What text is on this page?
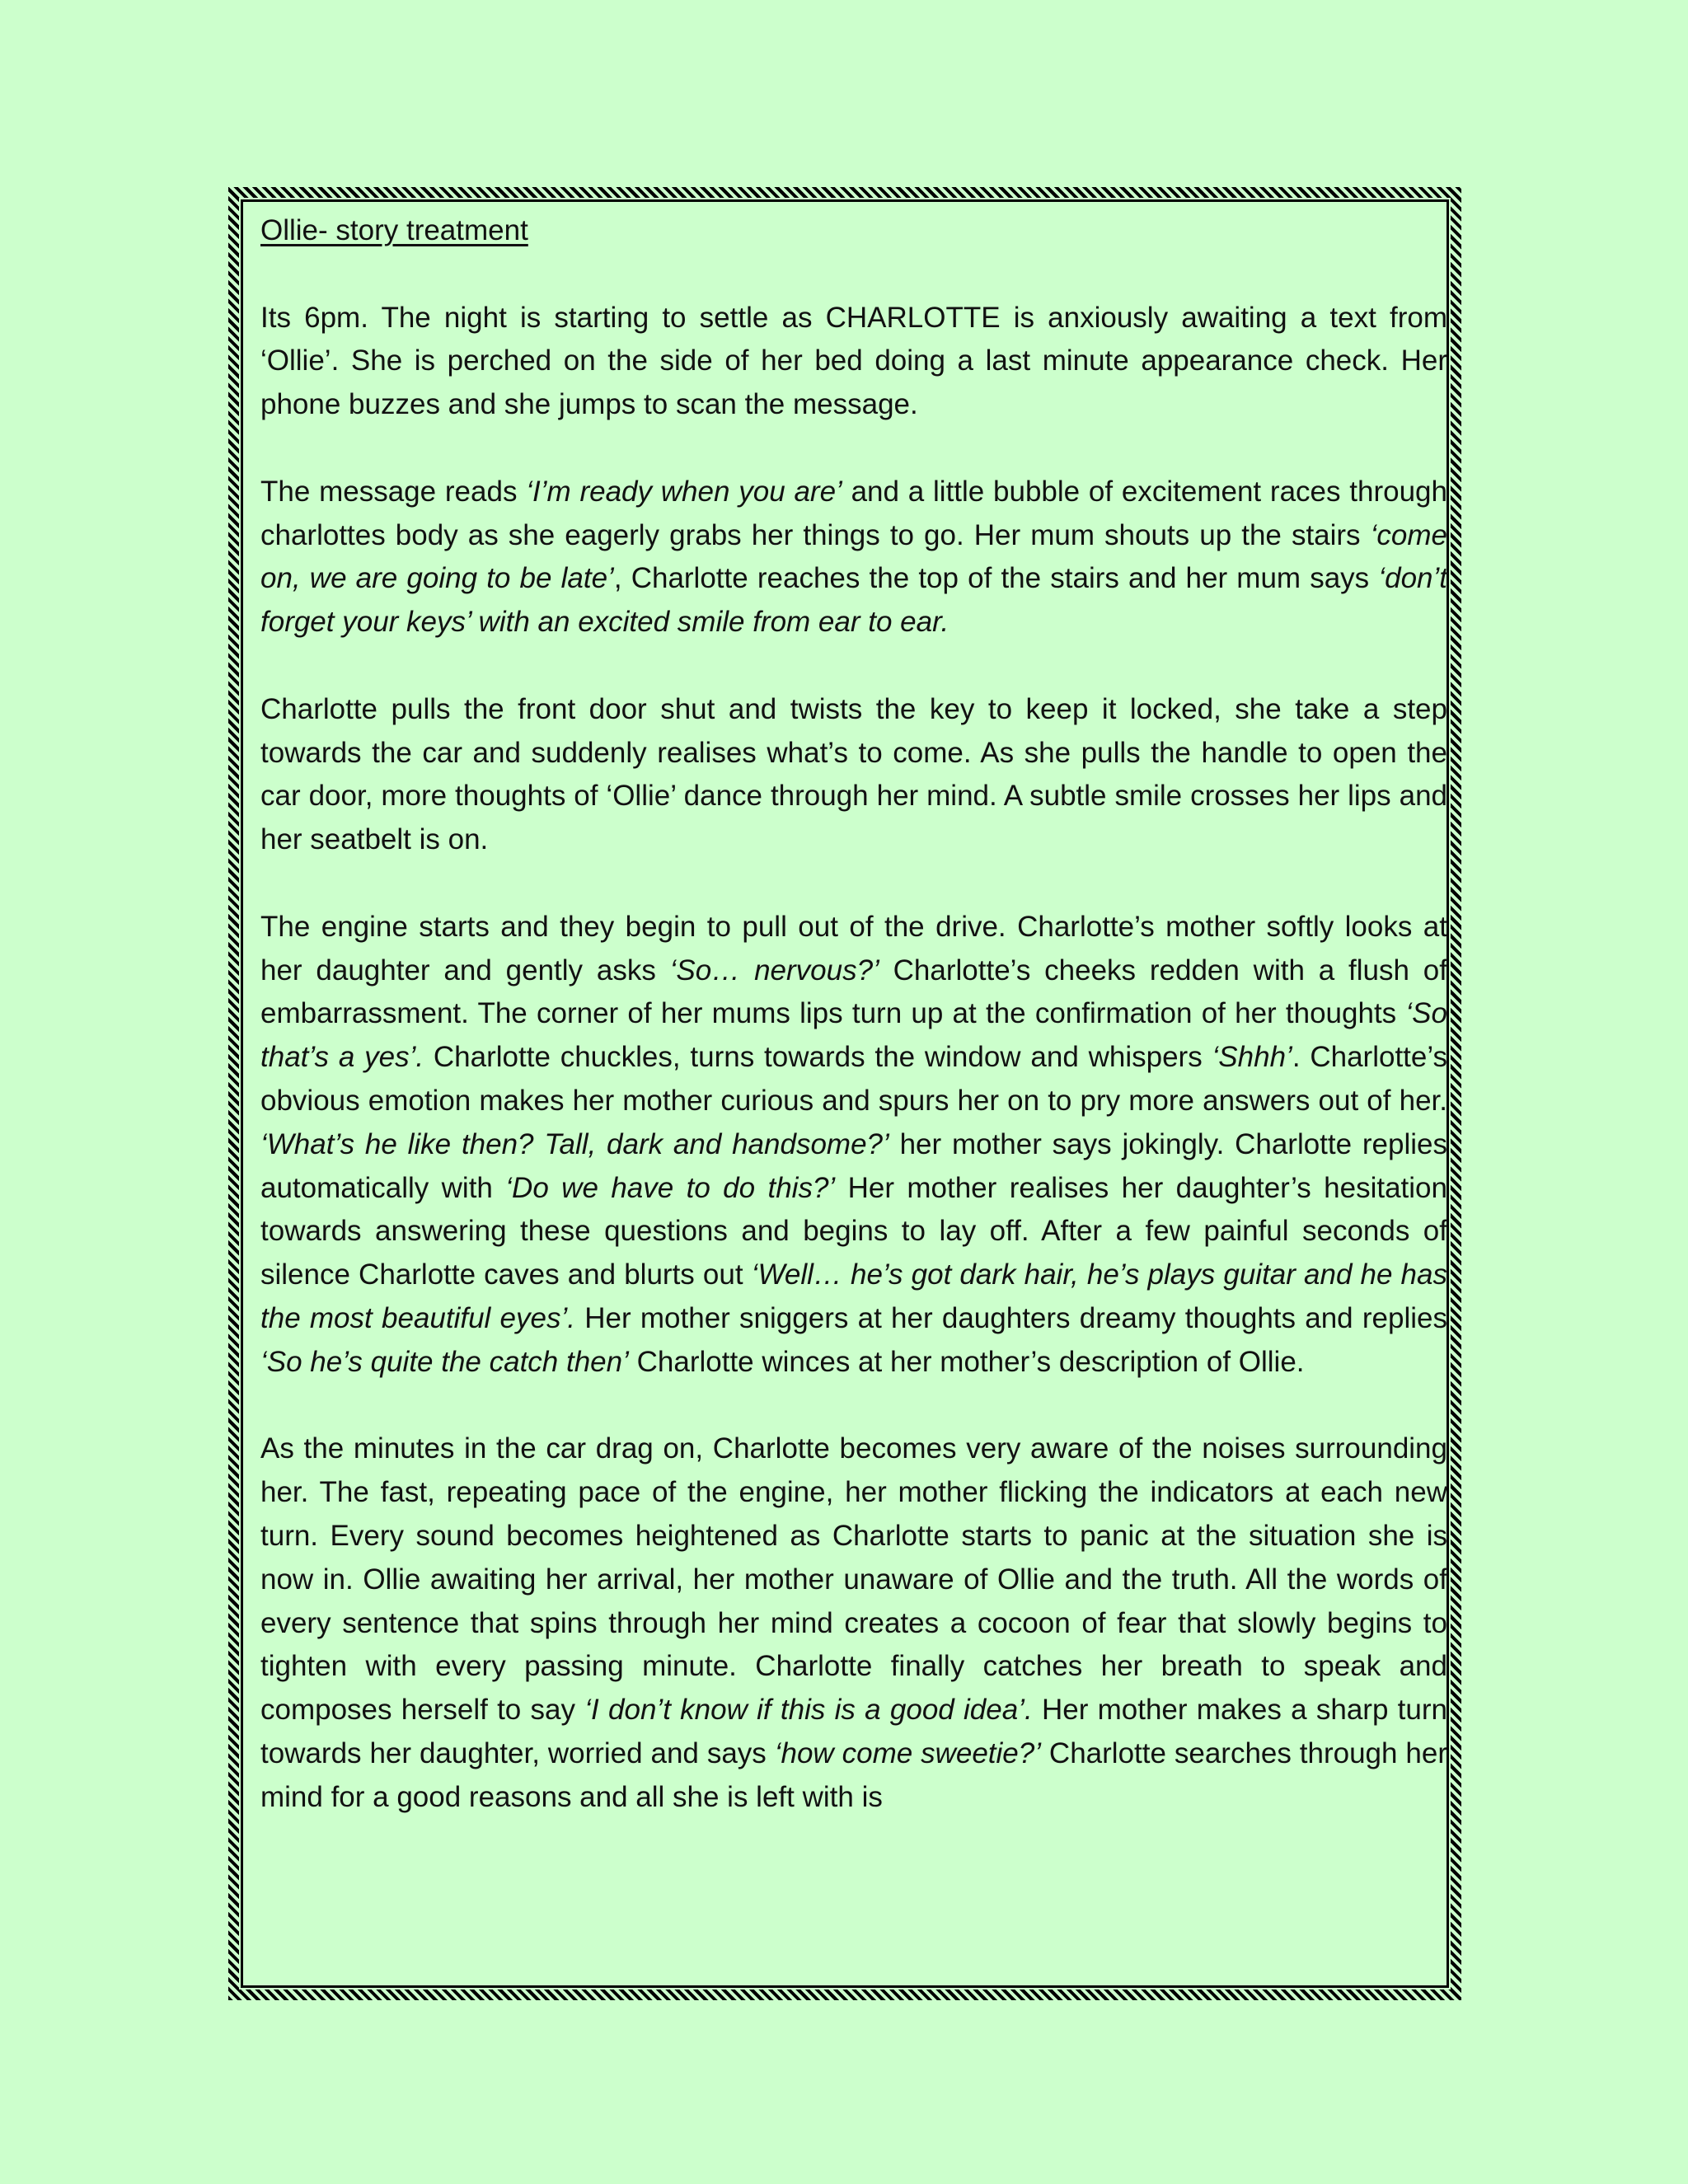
Ollie- story treatment

Its 6pm. The night is starting to settle as CHARLOTTE is anxiously awaiting a text from ‘Ollie’. She is perched on the side of her bed doing a last minute appearance check. Her phone buzzes and she jumps to scan the message.

The message reads ‘I’m ready when you are’ and a little bubble of excitement races through charlottes body as she eagerly grabs her things to go. Her mum shouts up the stairs ‘come on, we are going to be late’, Charlotte reaches the top of the stairs and her mum says ‘don’t forget your keys’ with an excited smile from ear to ear.

Charlotte pulls the front door shut and twists the key to keep it locked, she take a step towards the car and suddenly realises what’s to come. As she pulls the handle to open the car door, more thoughts of ‘Ollie’ dance through her mind. A subtle smile crosses her lips and her seatbelt is on.

The engine starts and they begin to pull out of the drive. Charlotte’s mother softly looks at her daughter and gently asks ‘So… nervous?’ Charlotte’s cheeks redden with a flush of embarrassment. The corner of her mums lips turn up at the confirmation of her thoughts ‘So that’s a yes’. Charlotte chuckles, turns towards the window and whispers ‘Shhh’. Charlotte’s obvious emotion makes her mother curious and spurs her on to pry more answers out of her. ‘What’s he like then? Tall, dark and handsome?’ her mother says jokingly. Charlotte replies automatically with ‘Do we have to do this?’ Her mother realises her daughter’s hesitation towards answering these questions and begins to lay off. After a few painful seconds of silence Charlotte caves and blurts out ‘Well… he’s got dark hair, he’s plays guitar and he has the most beautiful eyes’. Her mother sniggers at her daughters dreamy thoughts and replies ‘So he’s quite the catch then’ Charlotte winces at her mother’s description of Ollie.

As the minutes in the car drag on, Charlotte becomes very aware of the noises surrounding her. The fast, repeating pace of the engine, her mother flicking the indicators at each new turn. Every sound becomes heightened as Charlotte starts to panic at the situation she is now in. Ollie awaiting her arrival, her mother unaware of Ollie and the truth. All the words of every sentence that spins through her mind creates a cocoon of fear that slowly begins to tighten with every passing minute. Charlotte finally catches her breath to speak and composes herself to say ‘I don’t know if this is a good idea’. Her mother makes a sharp turn towards her daughter, worried and says ‘how come sweetie?’ Charlotte searches through her mind for a good reasons and all she is left with is
